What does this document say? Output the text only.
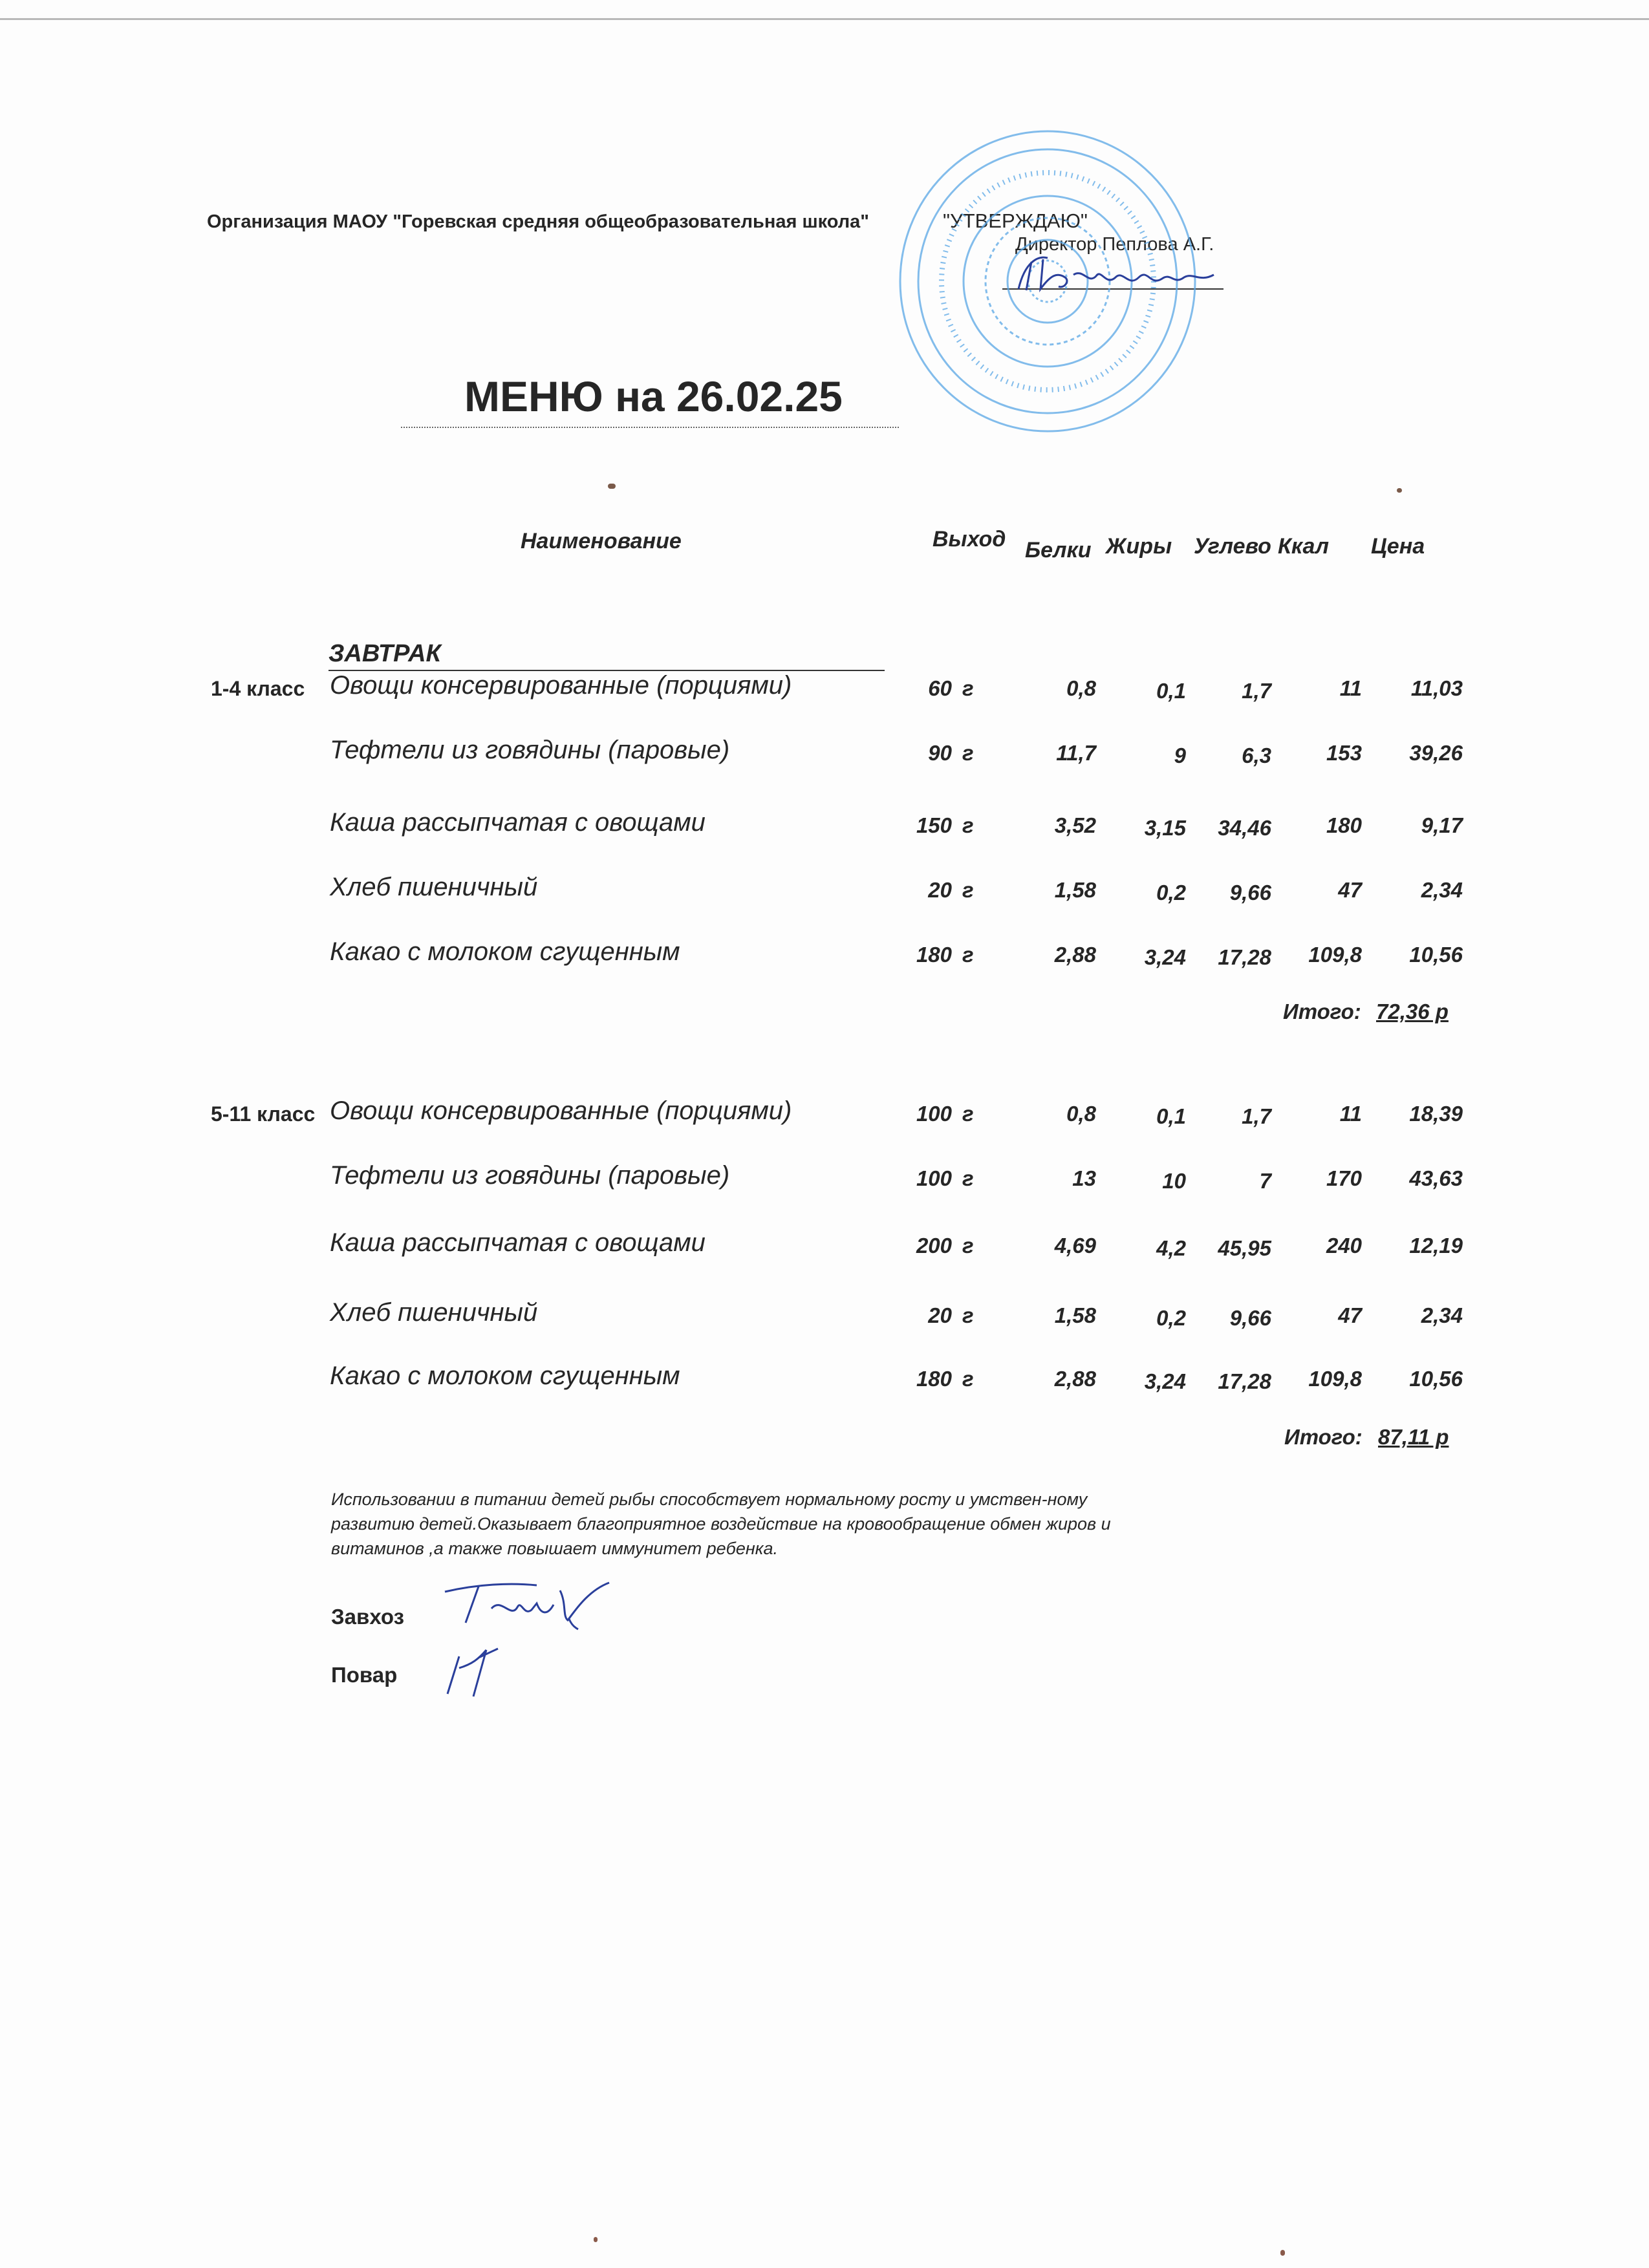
Организация МАОУ "Горевская средняя общеобразовательная школа"	"УТВЕРЖДАЮ"
Директор Пеплова А.Г.
МЕНЮ на 26.02.25
Наименование	Выход Белки Жиры Углево Ккал Цена
ЗАВТРАК
1-4 класс Овощи консервированные (порциями)	60 г	0,8	0,1	1,7	11	11,03
Тефтели из говядины (паровые)	90 г	11,7	9	6,3	153	39,26
Каша рассыпчатая с овощами	150 г	3,52	3,15	34,46	180	9,17
Хлеб пшеничный	20 г	1,58	0,2	9,66	47	2,34
Какао с молоком сгущенным	180 г	2,88	3,24	17,28	109,8	10,56
Итого: 72,36 р
5-11 класс Овощи консервированные (порциями)	100 г	0,8	0,1	1,7	11	18,39
Тефтели из говядины (паровые)	100 г	13	10	7	170	43,63
Каша рассыпчатая с овощами	200 г	4,69	4,2	45,95	240	12,19
Хлеб пшеничный	20 г	1,58	0,2	9,66	47	2,34
Какао с молоком сгущенным	180 г	2,88	3,24	17,28	109,8	10,56
Итого: 87,11 р
Использовании в питании детей рыбы способствует нормальному росту и умствен-ному развитию детей.Оказывает благоприятное воздействие на кровообращение обмен жиров и витаминов ,а также повышает иммунитет ребенка.
Завхоз
Повар
